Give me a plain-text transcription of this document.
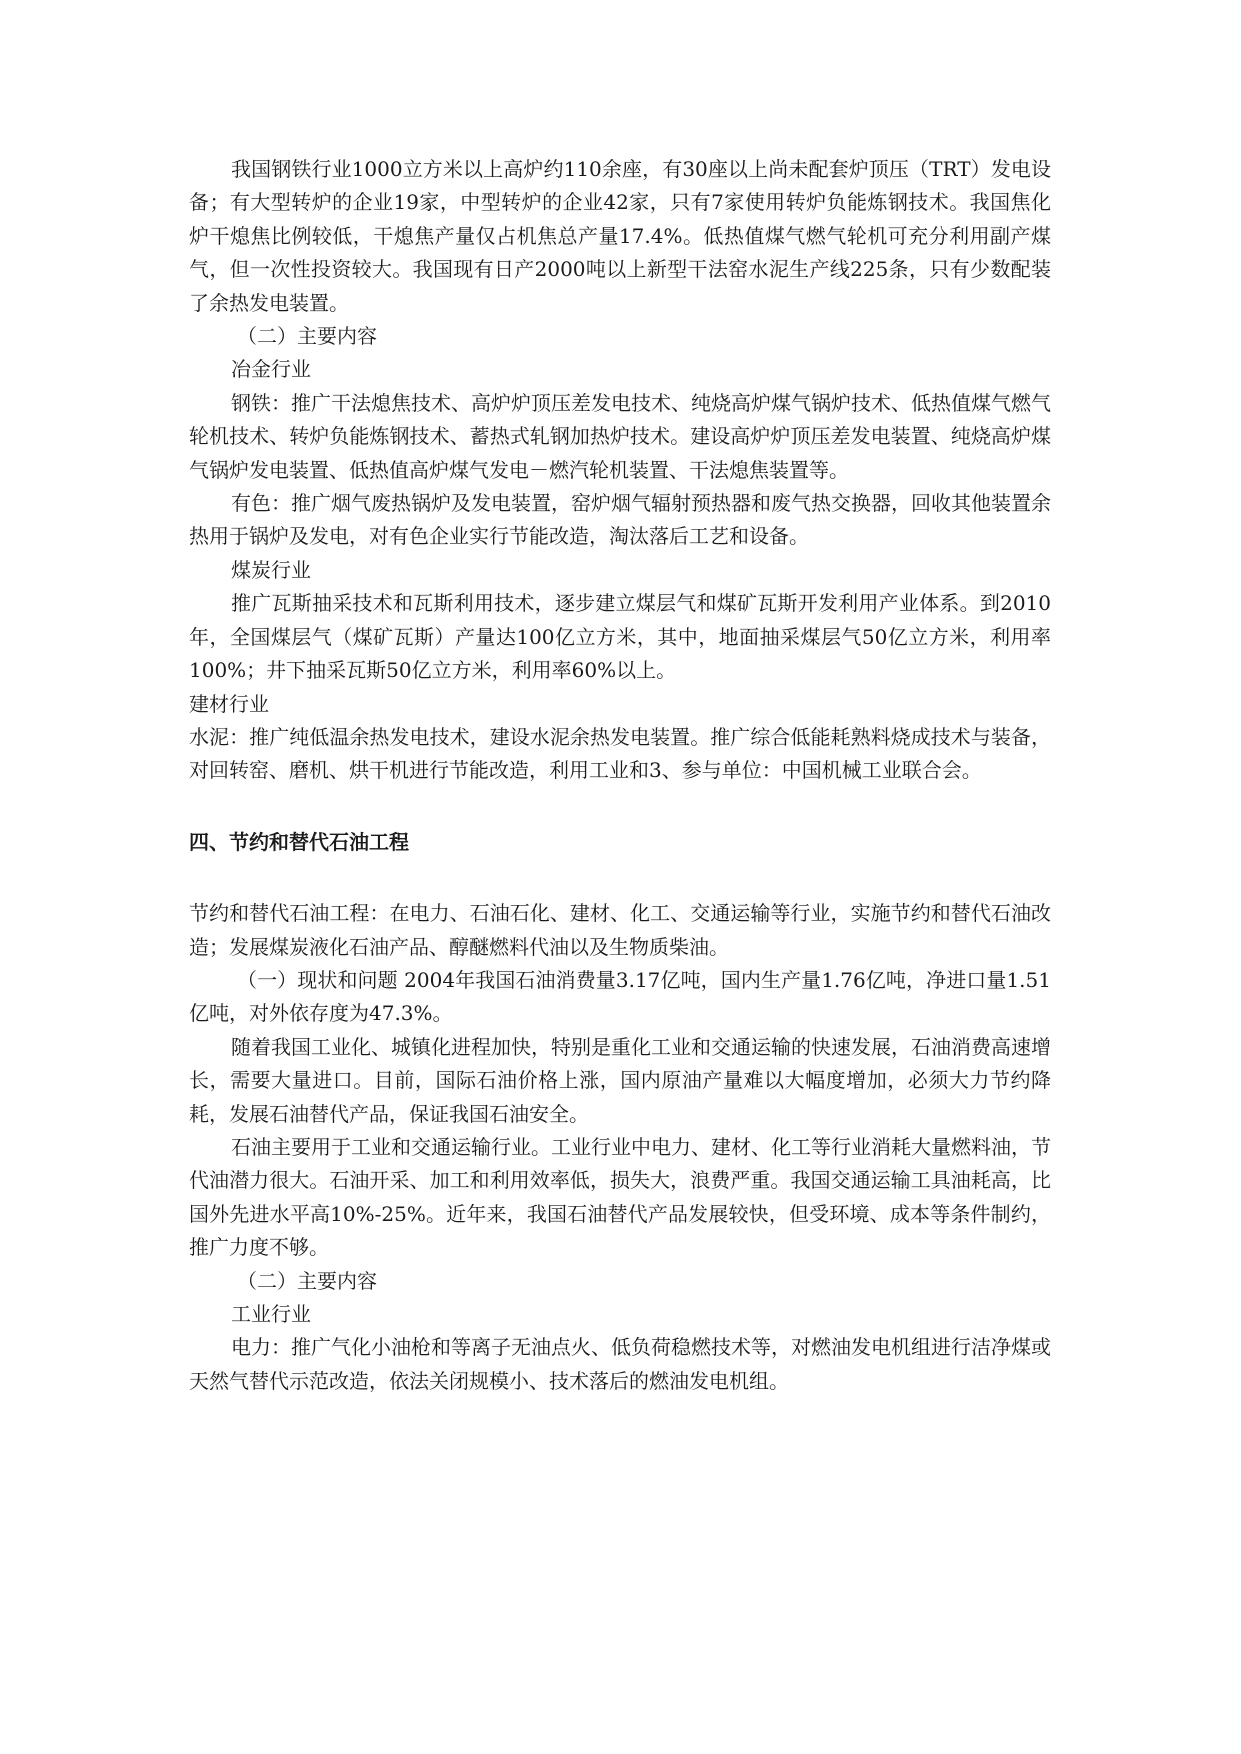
我国钢铁行业1000立方米以上高炉约110余座，有30座以上尚未配套炉顶压（TRT）发电设备；有大型转炉的企业19家，中型转炉的企业42家，只有7家使用转炉负能炼钢技术。我国焦化炉干熄焦比例较低，干熄焦产量仅占机焦总产量17.4%。低热值煤气燃气轮机可充分利用副产煤气，但一次性投资较大。我国现有日产2000吨以上新型干法窑水泥生产线225条，只有少数配装了余热发电装置。

（二）主要内容

冶金行业

钢铁：推广干法熄焦技术、高炉炉顶压差发电技术、纯烧高炉煤气锅炉技术、低热值煤气燃气轮机技术、转炉负能炼钢技术、蓄热式轧钢加热炉技术。建设高炉炉顶压差发电装置、纯烧高炉煤气锅炉发电装置、低热值高炉煤气发电－燃汽轮机装置、干法熄焦装置等。

有色：推广烟气废热锅炉及发电装置，窑炉烟气辐射预热器和废气热交换器，回收其他装置余热用于锅炉及发电，对有色企业实行节能改造，淘汰落后工艺和设备。

煤炭行业

推广瓦斯抽采技术和瓦斯利用技术，逐步建立煤层气和煤矿瓦斯开发利用产业体系。到2010年，全国煤层气（煤矿瓦斯）产量达100亿立方米，其中，地面抽采煤层气50亿立方米，利用率100%；井下抽采瓦斯50亿立方米，利用率60%以上。

建材行业

水泥：推广纯低温余热发电技术，建设水泥余热发电装置。推广综合低能耗熟料烧成技术与装备，对回转窑、磨机、烘干机进行节能改造，利用工业和3、参与单位：中国机械工业联合会。

四、节约和替代石油工程

节约和替代石油工程：在电力、石油石化、建材、化工、交通运输等行业，实施节约和替代石油改造；发展煤炭液化石油产品、醇醚燃料代油以及生物质柴油。

（一）现状和问题 2004年我国石油消费量3.17亿吨，国内生产量1.76亿吨，净进口量1.51亿吨，对外依存度为47.3%。

随着我国工业化、城镇化进程加快，特别是重化工业和交通运输的快速发展，石油消费高速增长，需要大量进口。目前，国际石油价格上涨，国内原油产量难以大幅度增加，必须大力节约降耗，发展石油替代产品，保证我国石油安全。

石油主要用于工业和交通运输行业。工业行业中电力、建材、化工等行业消耗大量燃料油，节代油潜力很大。石油开采、加工和利用效率低，损失大，浪费严重。我国交通运输工具油耗高，比国外先进水平高10%-25%。近年来，我国石油替代产品发展较快，但受环境、成本等条件制约，推广力度不够。

（二）主要内容

工业行业

电力：推广气化小油枪和等离子无油点火、低负荷稳燃技术等，对燃油发电机组进行洁净煤或天然气替代示范改造，依法关闭规模小、技术落后的燃油发电机组。
